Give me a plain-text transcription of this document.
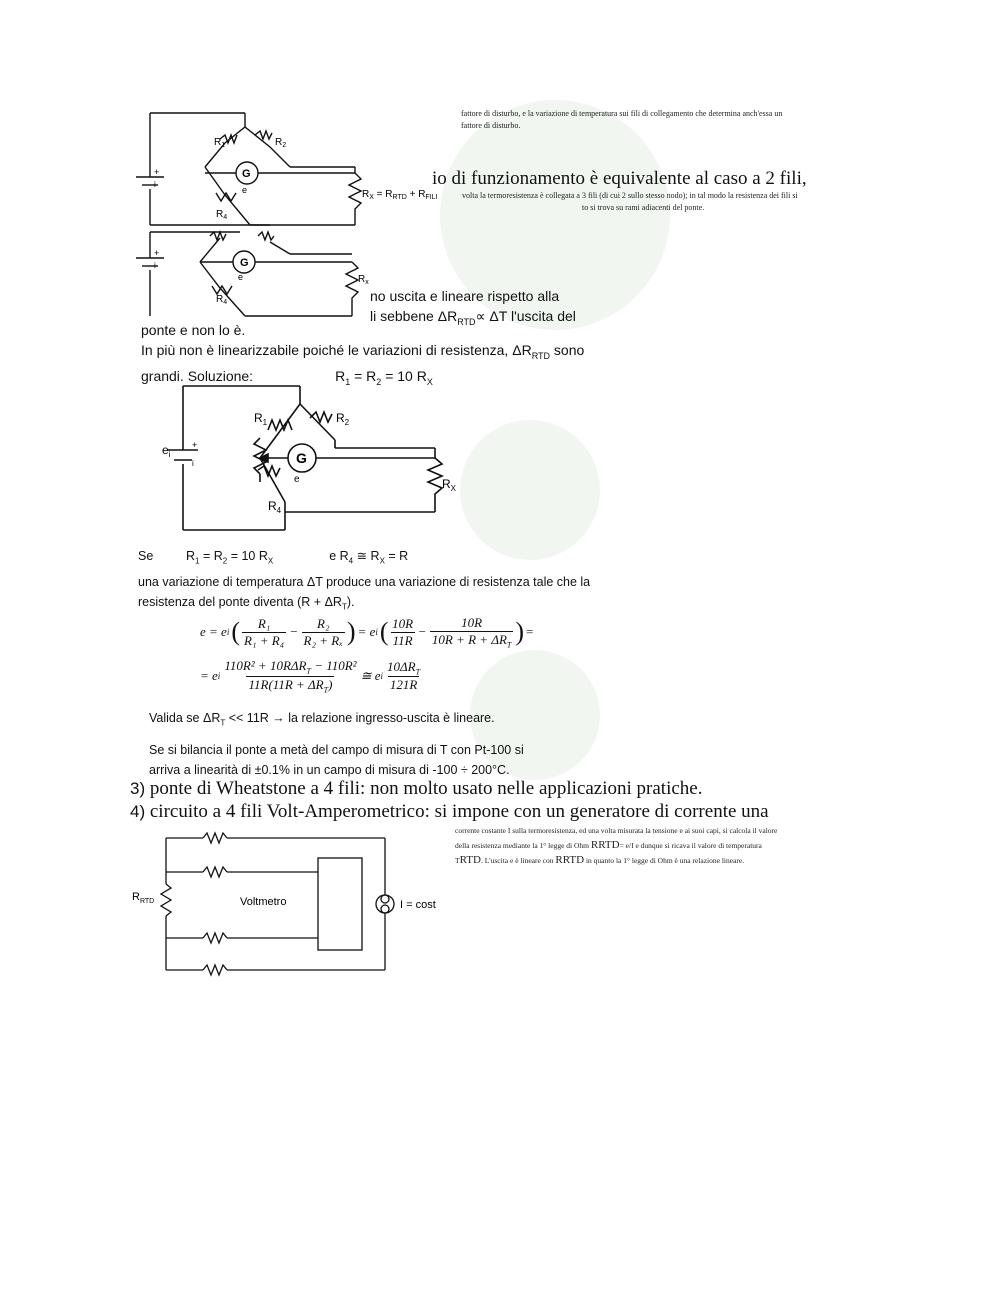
fattore di disturbo, e la variazione di temperatura sui fili di collegamento che determina anch'essa un
fattore di disturbo.
io di funzionamento è equivalente al caso a 2 fili,
volta la termoresistenza è collegata a 3 fili (di cui 2 sullo stesso nodo); in tal modo la resistenza dei fili si
to si trova su rami adiacenti del ponte.
$R_1$	$R_2$
$R_4$
G
e
+
i
$R_X = R_{RTD} + R_{FILI}$
G
e
$R_4$
$R_x$
+
i
no uscita e lineare rispetto alla
li sebbene $\Delta R_{RTD}\propto \Delta T$ l'uscita del
ponte e non lo è.
In più non è linearizzabile poiché le variazioni di resistenza, $\Delta R_{RTD}$ sono
grandi. Soluzione:	$R_1 = R_2 = 10$ $R_X$
$R_1$	$R_2$
$R_4$
G
e
$e_i$
+
i
$R_X$
Se	$R_1 = R_2 = 10$ $R_X$	e $R_4$ ≅ $R_X = R$
una variazione di temperatura ΔT produce una variazione di resistenza tale che la
resistenza del ponte diventa $(R + \Delta R_T)$.
e = e i ( R₁
R₁ + R₄
− $\frac{\text{R₂}}{\text{R₂ + Rₓ}}$ ) = e i ( 10R
11R
−
10R
$10R + R + \Delta R_T$ ) =
= e i
$110R^2 + 10R\Delta R_T - 110R^2$
$11R(11R + \Delta R_T)$
≅ e i
$10\Delta R_T$
121R
Valida se $\Delta R_T << 11R$ → la relazione ingresso-uscita è lineare.
Se si bilancia il ponte a metà del campo di misura di T con Pt-100 si
arriva a linearità di ±0.1% in un campo di misura di -100 ÷ 200°C.
3) ponte di Wheatstone a 4 fili: non molto usato nelle applicazioni pratiche.
4) circuito a 4 fili Volt-Amperometrico: si impone con un generatore di corrente una
corrente costante I sulla termoresistenza, ed una volta misurata la tensione e ai suoi capi, si calcola il valore
della resistenza mediante la 1° legge di Ohm RRTD= e/I e dunque si ricava il valore di temperatura
TRTD. L'uscita e è lineare con RRTD in quanto la 1° legge di Ohm è una relazione lineare.
$R_{RTD}$	Voltmetro	I = cost
